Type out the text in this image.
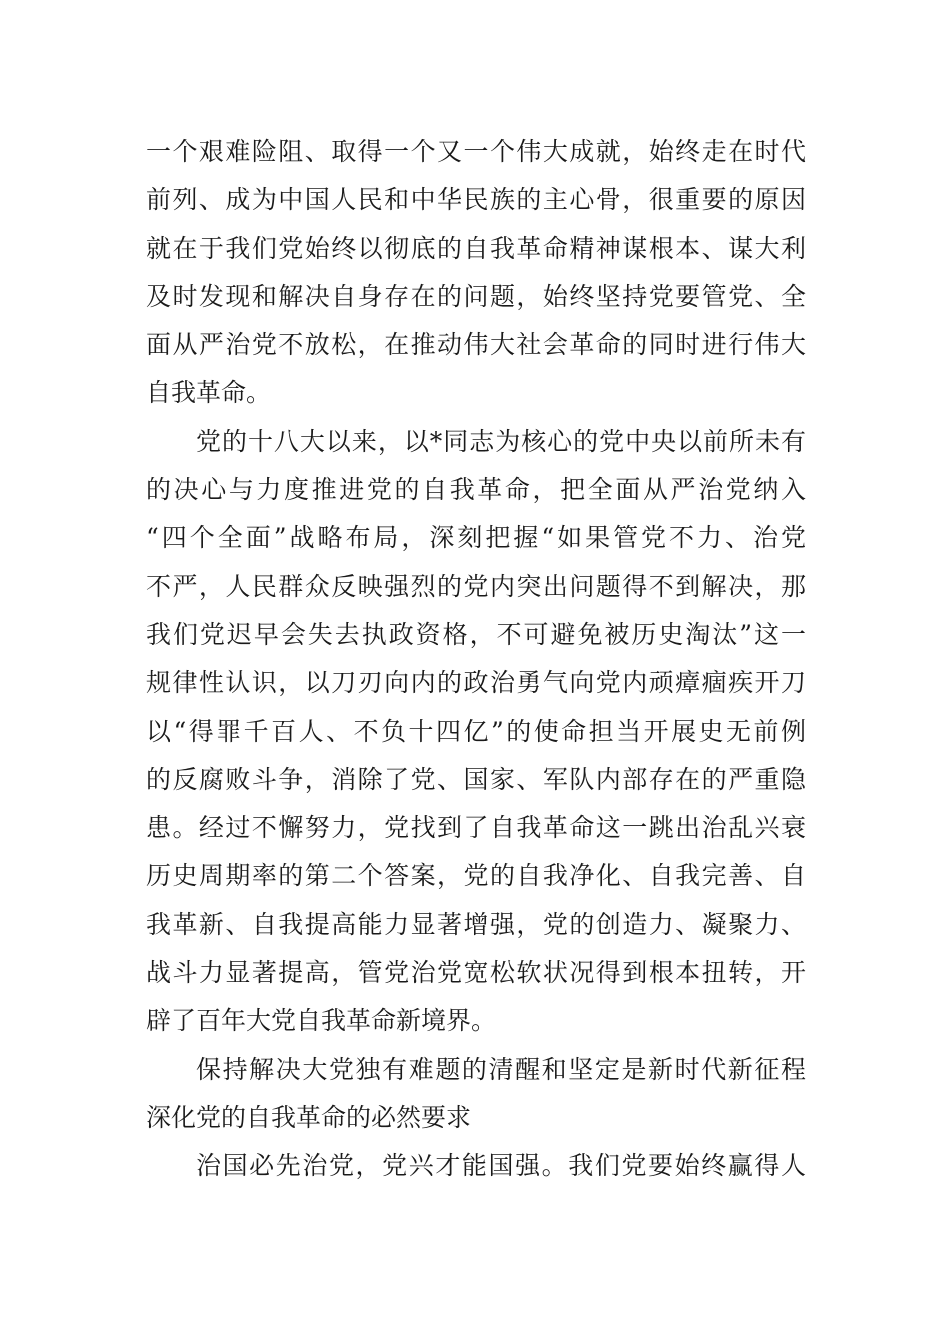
一个艰难险阻、取得一个又一个伟大成就，始终走在时代
前列、成为中国人民和中华民族的主心骨，很重要的原因
就在于我们党始终以彻底的自我革命精神谋根本、谋大利
及时发现和解决自身存在的问题，始终坚持党要管党、全
面从严治党不放松，在推动伟大社会革命的同时进行伟大
自我革命。
党的十八大以来，以*同志为核心的党中央以前所未有
的决心与力度推进党的自我革命，把全面从严治党纳入
“四个全面”战略布局，深刻把握“如果管党不力、治党
不严，人民群众反映强烈的党内突出问题得不到解决，那
我们党迟早会失去执政资格，不可避免被历史淘汰”这一
规律性认识，以刀刃向内的政治勇气向党内顽瘴痼疾开刀
以“得罪千百人、不负十四亿”的使命担当开展史无前例
的反腐败斗争，消除了党、国家、军队内部存在的严重隐
患。经过不懈努力，党找到了自我革命这一跳出治乱兴衰
历史周期率的第二个答案，党的自我净化、自我完善、自
我革新、自我提高能力显著增强，党的创造力、凝聚力、
战斗力显著提高，管党治党宽松软状况得到根本扭转，开
辟了百年大党自我革命新境界。
保持解决大党独有难题的清醒和坚定是新时代新征程
深化党的自我革命的必然要求
治国必先治党，党兴才能国强。我们党要始终赢得人
